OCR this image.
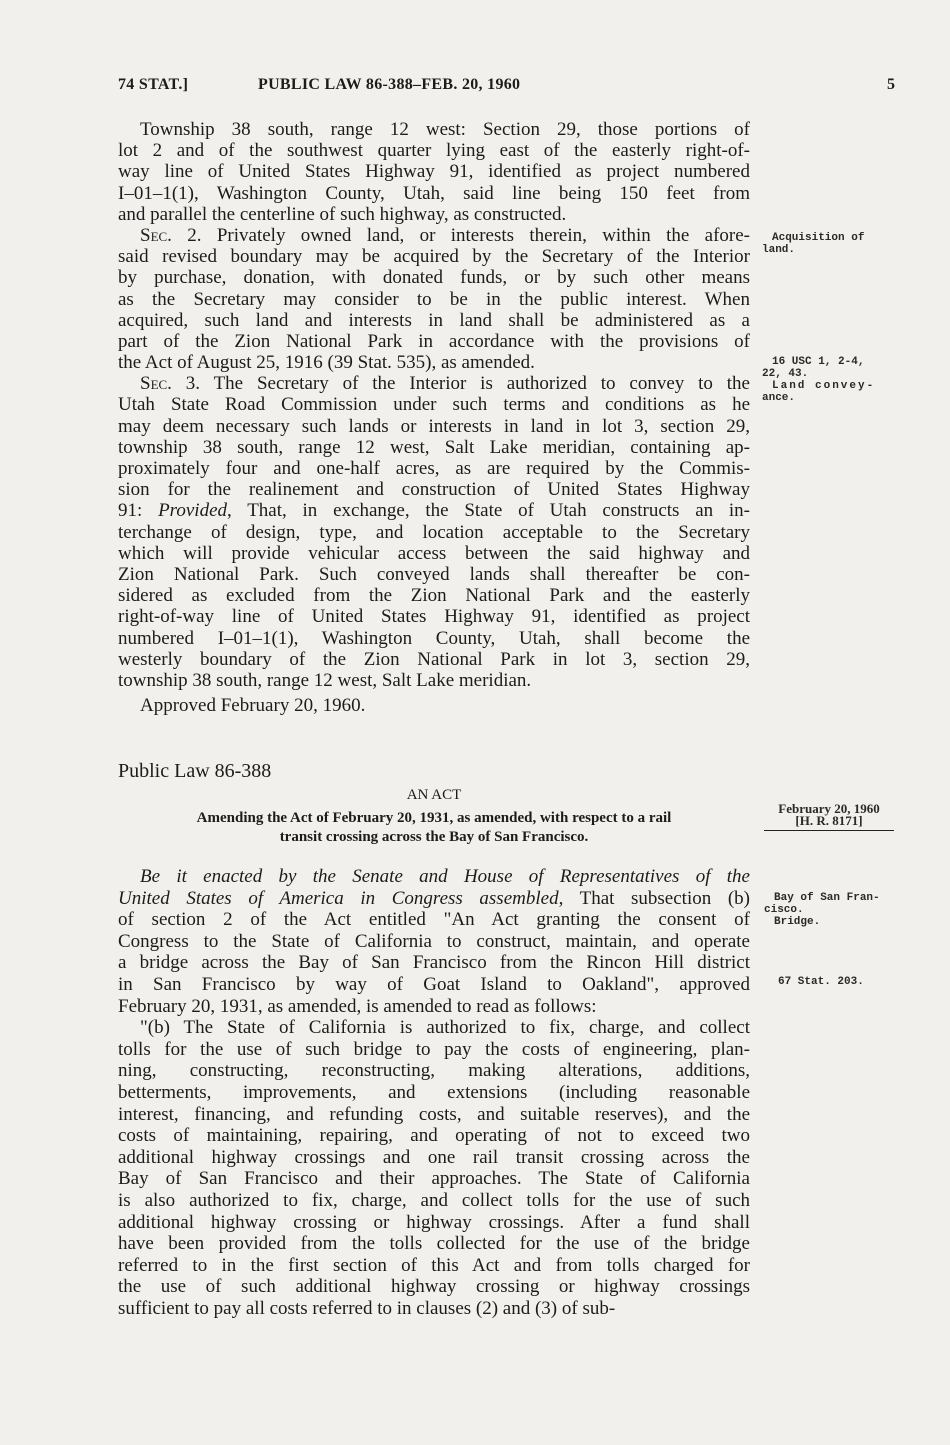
74 STAT.]	PUBLIC LAW 86-388–FEB. 20, 1960	5
Township 38 south, range 12 west: Section 29, those portions of
lot 2 and of the southwest quarter lying east of the easterly right-of-
way line of United States Highway 91, identified as project numbered
I–01–1(1), Washington County, Utah, said line being 150 feet from
and parallel the centerline of such highway, as constructed.
Sec. 2. Privately owned land, or interests therein, within the afore-
said revised boundary may be acquired by the Secretary of the Interior
by purchase, donation, with donated funds, or by such other means
as the Secretary may consider to be in the public interest. When
acquired, such land and interests in land shall be administered as a
part of the Zion National Park in accordance with the provisions of
the Act of August 25, 1916 (39 Stat. 535), as amended.
Sec. 3. The Secretary of the Interior is authorized to convey to the
Utah State Road Commission under such terms and conditions as he
may deem necessary such lands or interests in land in lot 3, section 29,
township 38 south, range 12 west, Salt Lake meridian, containing ap-
proximately four and one-half acres, as are required by the Commis-
sion for the realinement and construction of United States Highway
91: Provided, That, in exchange, the State of Utah constructs an in-
terchange of design, type, and location acceptable to the Secretary
which will provide vehicular access between the said highway and
Zion National Park. Such conveyed lands shall thereafter be con-
sidered as excluded from the Zion National Park and the easterly
right-of-way line of United States Highway 91, identified as project
numbered I–01–1(1), Washington County, Utah, shall become the
westerly boundary of the Zion National Park in lot 3, section 29,
township 38 south, range 12 west, Salt Lake meridian.
Approved February 20, 1960.
Acquisition of
land.
16 USC 1, 2-4,
22, 43.
Land convey-
ance.
Public Law 86-388
AN ACT
Amending the Act of February 20, 1931, as amended, with respect to a rail
transit crossing across the Bay of San Francisco.
February 20, 1960
[H. R. 8171]
Be it enacted by the Senate and House of Representatives of the
United States of America in Congress assembled, That subsection (b)
of section 2 of the Act entitled "An Act granting the consent of
Congress to the State of California to construct, maintain, and operate
a bridge across the Bay of San Francisco from the Rincon Hill district
in San Francisco by way of Goat Island to Oakland", approved
February 20, 1931, as amended, is amended to read as follows:
"(b) The State of California is authorized to fix, charge, and collect
tolls for the use of such bridge to pay the costs of engineering, plan-
ning, constructing, reconstructing, making alterations, additions,
betterments, improvements, and extensions (including reasonable
interest, financing, and refunding costs, and suitable reserves), and the
costs of maintaining, repairing, and operating of not to exceed two
additional highway crossings and one rail transit crossing across the
Bay of San Francisco and their approaches. The State of California
is also authorized to fix, charge, and collect tolls for the use of such
additional highway crossing or highway crossings. After a fund shall
have been provided from the tolls collected for the use of the bridge
referred to in the first section of this Act and from tolls charged for
the use of such additional highway crossing or highway crossings
sufficient to pay all costs referred to in clauses (2) and (3) of sub-
Bay of San Fran-
cisco.
Bridge.
67 Stat. 203.
